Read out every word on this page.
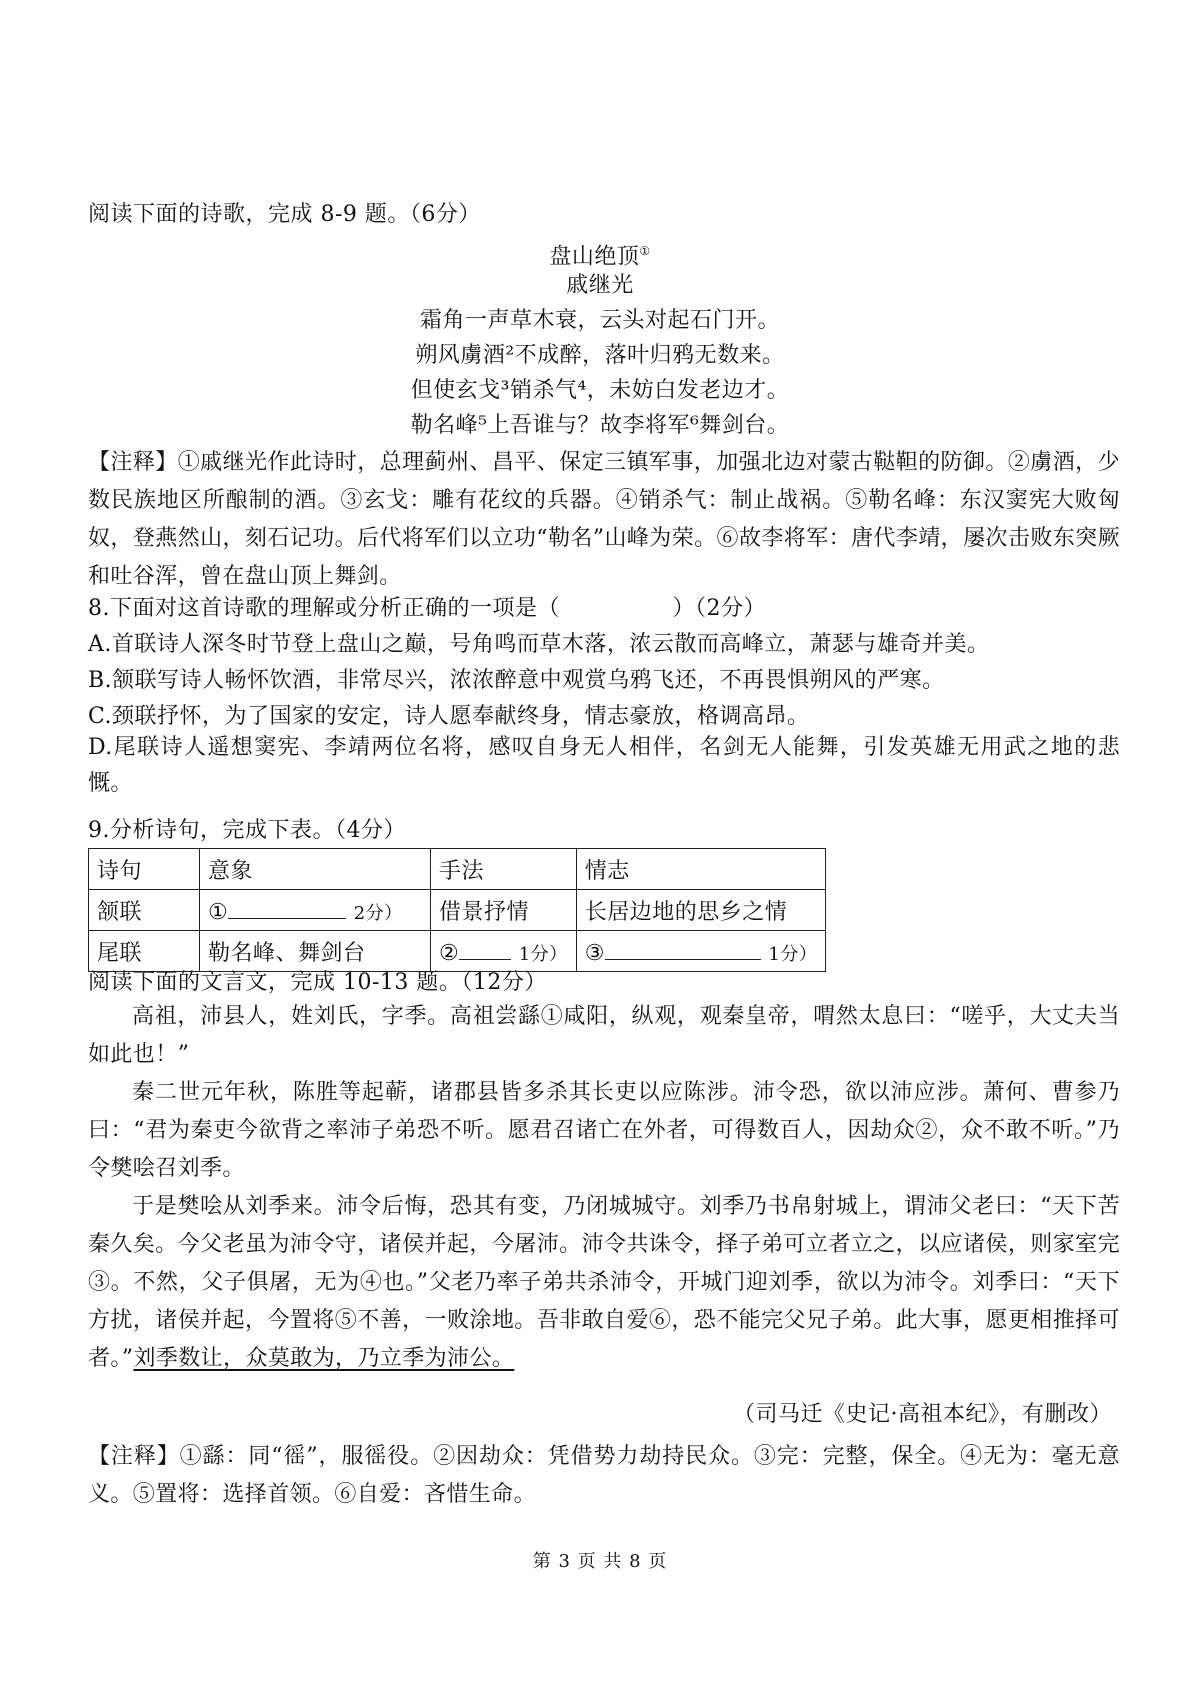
阅读下面的诗歌，完成 8-9 题。（6分）
盘山绝顶①
戚继光
霜角一声草木衰，云头对起石门开。
朔风虜酒²不成醉，落叶归鸦无数来。
但使玄戈³销杀气⁴，未妨白发老边才。
勒名峰⁵上吾谁与？故李将军⁶舞剑台。
【注释】①戚继光作此诗时，总理蓟州、昌平、保定三镇军事，加强北边对蒙古鞑靼的防御。②虜酒，少数民族地区所酿制的酒。③玄戈：雕有花纹的兵器。④销杀气：制止战祸。⑤勒名峰：东汉窦宪大败匈奴，登燕然山，刻石记功。后代将军们以立功“勒名”山峰为荣。⑥故李将军：唐代李靖，屡次击败东突厥和吐谷浑，曾在盘山顶上舞剑。
8.下面对这首诗歌的理解或分析正确的一项是（　　　　　）（2分）
A.首联诗人深冬时节登上盘山之巅，号角鸣而草木落，浓云散而高峰立，萧瑟与雄奇并美。
B.颔联写诗人畅怀饮酒，非常尽兴，浓浓醉意中观赏乌鸦飞还，不再畏惧朔风的严寒。
C.颈联抒怀，为了国家的安定，诗人愿奉献终身，情志豪放，格调高昂。
D.尾联诗人遥想窦宪、李靖两位名将，感叹自身无人相伴，名剑无人能舞，引发英雄无用武之地的悲慨。
9.分析诗句，完成下表。（4分）
诗句	意象	手法	情志
颔联	① 2分）	借景抒情	长居边地的思乡之情
尾联	勒名峰、舞剑台	② 1分）	③ 1分）
阅读下面的文言文，完成 10-13 题。（12分）
高祖，沛县人，姓刘氏，字季。高祖尝繇①咸阳，纵观，观秦皇帝，喟然太息曰：“嗟乎，大丈夫当如此也！”
秦二世元年秋，陈胜等起蕲，诸郡县皆多杀其长吏以应陈涉。沛令恐，欲以沛应涉。萧何、曹参乃曰：“君为秦吏今欲背之率沛子弟恐不听。愿君召诸亡在外者，可得数百人，因劫众②，众不敢不听。”乃令樊哙召刘季。
于是樊哙从刘季来。沛令后悔，恐其有变，乃闭城城守。刘季乃书帛射城上，谓沛父老曰：“天下苦秦久矣。今父老虽为沛令守，诸侯并起，今屠沛。沛令共诛令，择子弟可立者立之，以应诸侯，则家室完③。不然，父子俱屠，无为④也。”父老乃率子弟共杀沛令，开城门迎刘季，欲以为沛令。刘季曰：“天下方扰，诸侯并起，今置将⑤不善，一败涂地。吾非敢自爱⑥，恐不能完父兄子弟。此大事，愿更相推择可者。”刘季数让，众莫敢为，乃立季为沛公。
（司马迁《史记·高祖本纪》，有删改）
【注释】①繇：同“徭”，服徭役。②因劫众：凭借势力劫持民众。③完：完整，保全。④无为：毫无意义。⑤置将：选择首领。⑥自爱：吝惜生命。
第 3 页 共 8 页
